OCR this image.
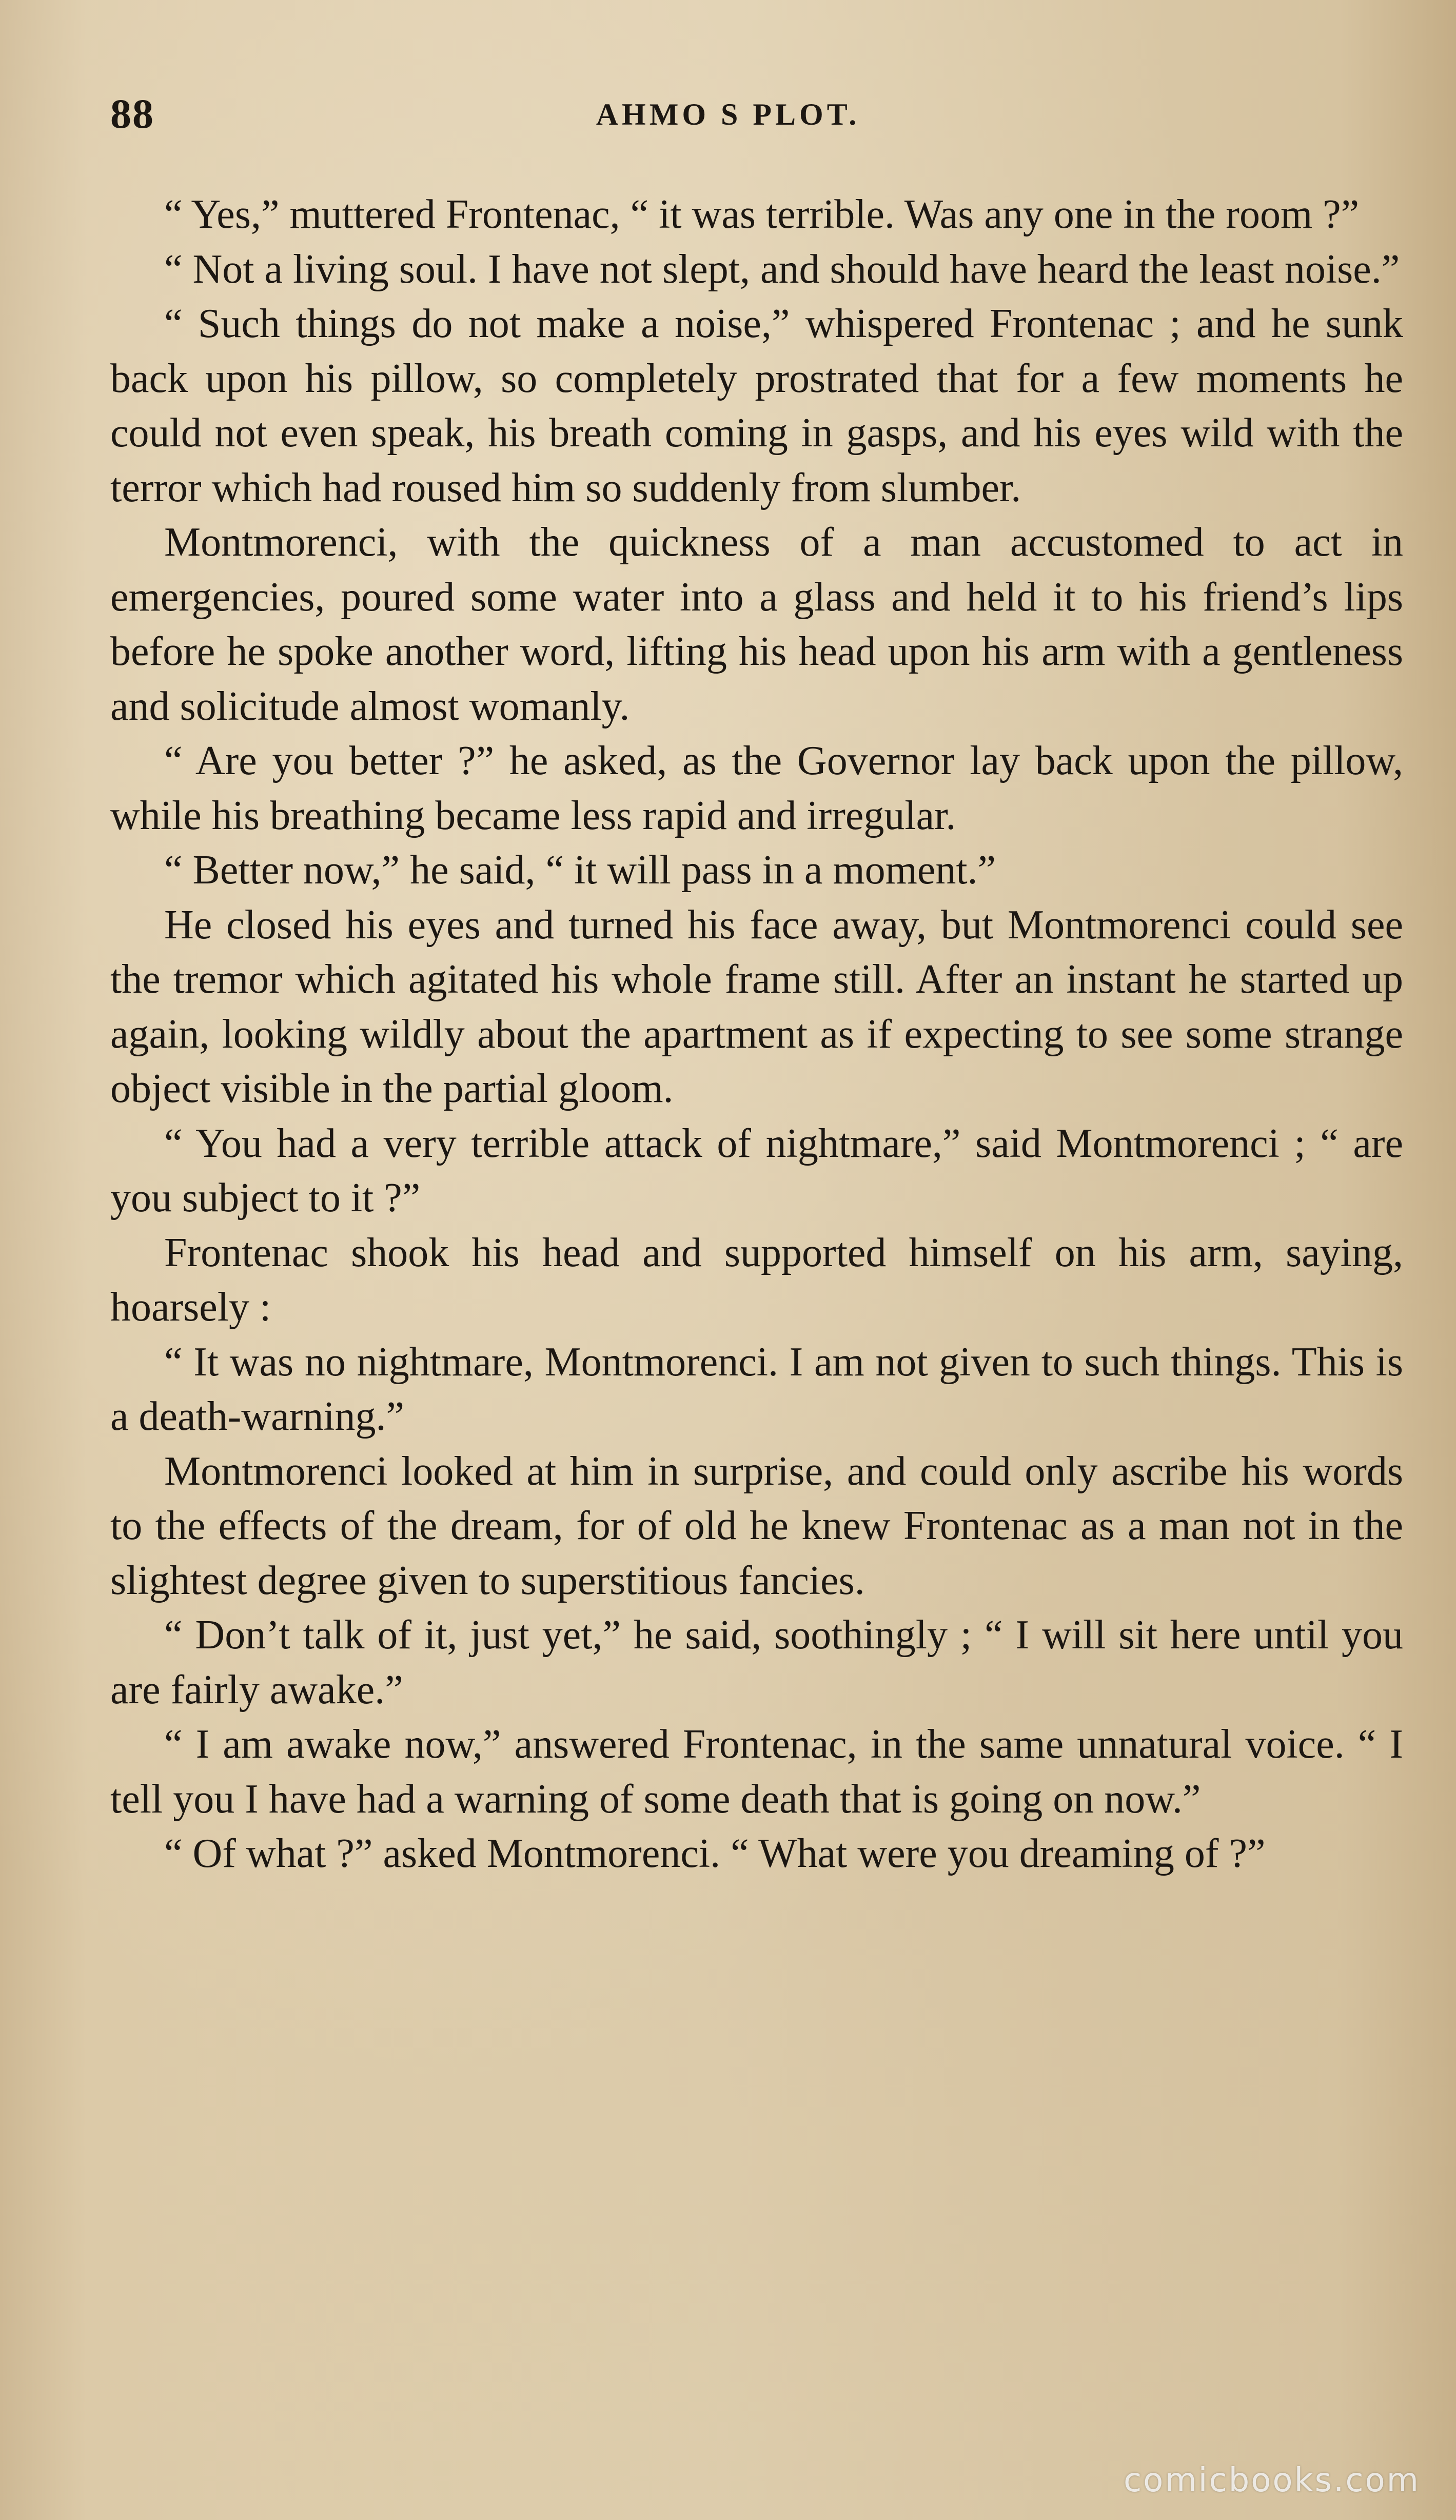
88	AHMO S PLOT.

“ Yes,” muttered Frontenac, “ it was terrible. Was any one in the room ?”

“ Not a living soul. I have not slept, and should have heard the least noise.”

“ Such things do not make a noise,” whispered Frontenac ; and he sunk back upon his pillow, so completely prostrated that for a few moments he could not even speak, his breath coming in gasps, and his eyes wild with the terror which had roused him so suddenly from slumber.

Montmorenci, with the quickness of a man accustomed to act in emergencies, poured some water into a glass and held it to his friend’s lips before he spoke another word, lifting his head upon his arm with a gentleness and solicitude almost womanly.

“ Are you better ?” he asked, as the Governor lay back upon the pillow, while his breathing became less rapid and irregular.

“ Better now,” he said, “ it will pass in a moment.”

He closed his eyes and turned his face away, but Montmorenci could see the tremor which agitated his whole frame still. After an instant he started up again, looking wildly about the apartment as if expecting to see some strange object visible in the partial gloom.

“ You had a very terrible attack of nightmare,” said Montmorenci ; “ are you subject to it ?”

Frontenac shook his head and supported himself on his arm, saying, hoarsely :

“ It was no nightmare, Montmorenci. I am not given to such things. This is a death-warning.”

Montmorenci looked at him in surprise, and could only ascribe his words to the effects of the dream, for of old he knew Frontenac as a man not in the slightest degree given to superstitious fancies.

“ Don’t talk of it, just yet,” he said, soothingly ; “ I will sit here until you are fairly awake.”

“ I am awake now,” answered Frontenac, in the same unnatural voice. “ I tell you I have had a warning of some death that is going on now.”

“ Of what ?” asked Montmorenci. “ What were you dreaming of ?”

comicbooks.com
